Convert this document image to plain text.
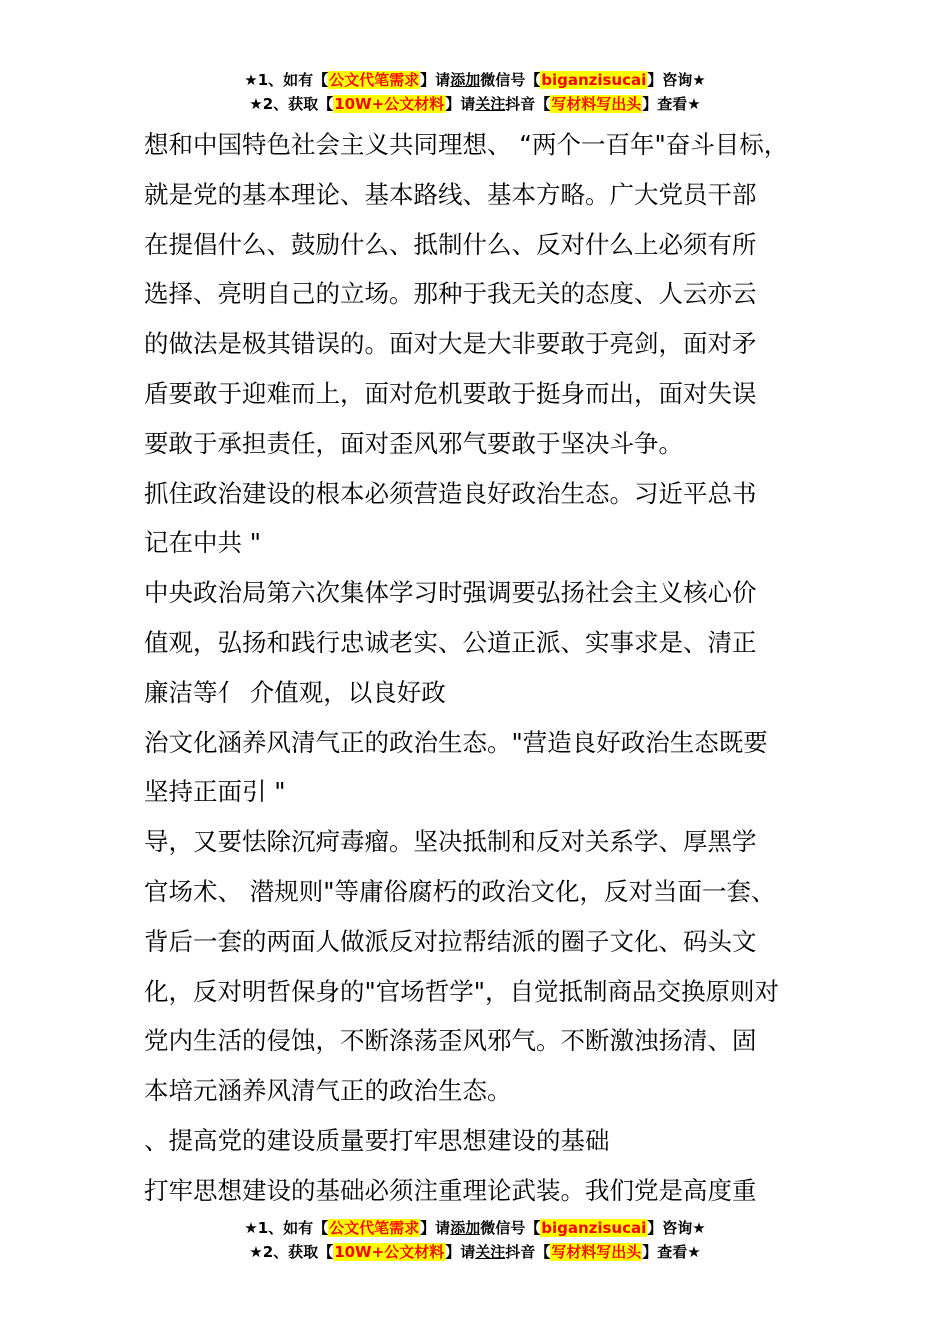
★1、如有【公文代笔需求】请添加微信号【biganzisucai】咨询★
★2、获取【10W+公文材料】请关注抖音【写材料写出头】查看★
想和中国特色社会主义共同理想、 “两个一百年"奋斗目标，
就是党的基本理论、基本路线、基本方略。广大党员干部
在提倡什么、鼓励什么、抵制什么、反对什么上必须有所
选择、亮明自己的立场。那种于我无关的态度、人云亦云
的做法是极其错误的。面对大是大非要敢于亮剑，面对矛
盾要敢于迎难而上，面对危机要敢于挺身而出，面对失误
要敢于承担责任，面对歪风邪气要敢于坚决斗争。
抓住政治建设的根本必须营造良好政治生态。习近平总书
记在中共 "
中央政治局第六次集体学习时强调要弘扬社会主义核心价
值观，弘扬和践行忠诚老实、公道正派、实事求是、清正
廉洁等亻 介值观，以良好政
治文化涵养风清气正的政治生态。"营造良好政治生态既要
坚持正面引 "
导，又要怯除沉疴毒瘤。坚决抵制和反对关系学、厚黑学
官场术、 潜规则"等庸俗腐朽的政治文化，反对当面一套、
背后一套的两面人做派反对拉帮结派的圈子文化、码头文
化，反对明哲保身的"官场哲学"，自觉抵制商品交换原则对
党内生活的侵蚀，不断涤荡歪风邪气。不断激浊扬清、固
本培元涵养风清气正的政治生态。
、提高党的建设质量要打牢思想建设的基础
打牢思想建设的基础必须注重理论武装。我们党是高度重
★1、如有【公文代笔需求】请添加微信号【biganzisucai】咨询★
★2、获取【10W+公文材料】请关注抖音【写材料写出头】查看★
